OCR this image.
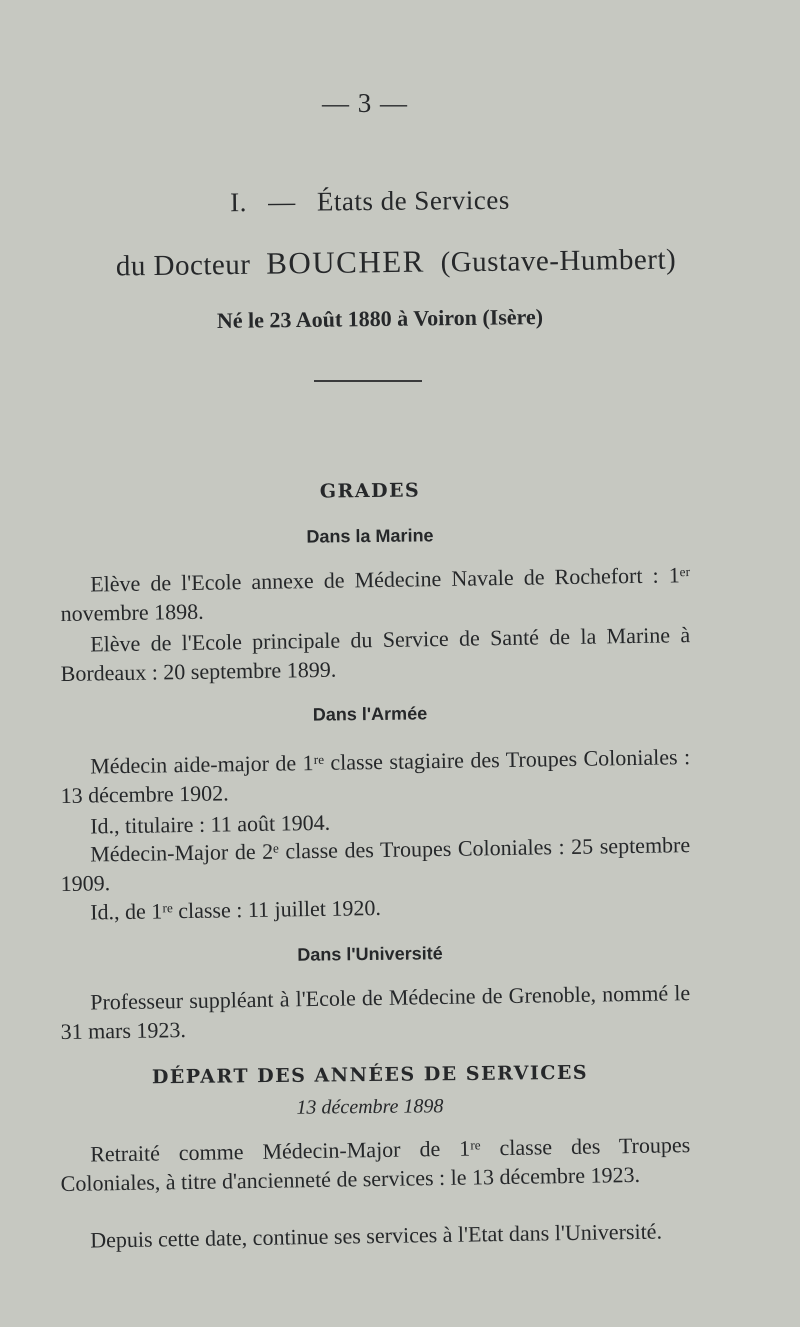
— 3 —
I. — États de Services
du Docteur BOUCHER (Gustave-Humbert)
Né le 23 Août 1880 à Voiron (Isère)
GRADES
Dans la Marine
Elève de l'Ecole annexe de Médecine Navale de Rochefort : 1ᵉʳ novembre 1898.
Elève de l'Ecole principale du Service de Santé de la Marine à Bordeaux : 20 septembre 1899.
Dans l'Armée
Médecin aide-major de 1ʳᵉ classe stagiaire des Troupes Coloniales : 13 décembre 1902.
Id., titulaire : 11 août 1904.
Médecin-Major de 2ᵉ classe des Troupes Coloniales : 25 septembre 1909.
Id., de 1ʳᵉ classe : 11 juillet 1920.
Dans l'Université
Professeur suppléant à l'Ecole de Médecine de Grenoble, nommé le 31 mars 1923.
DÉPART DES ANNÉES DE SERVICES
13 décembre 1898
Retraité comme Médecin-Major de 1ʳᵉ classe des Troupes Coloniales, à titre d'ancienneté de services : le 13 décembre 1923.
Depuis cette date, continue ses services à l'Etat dans l'Université.
